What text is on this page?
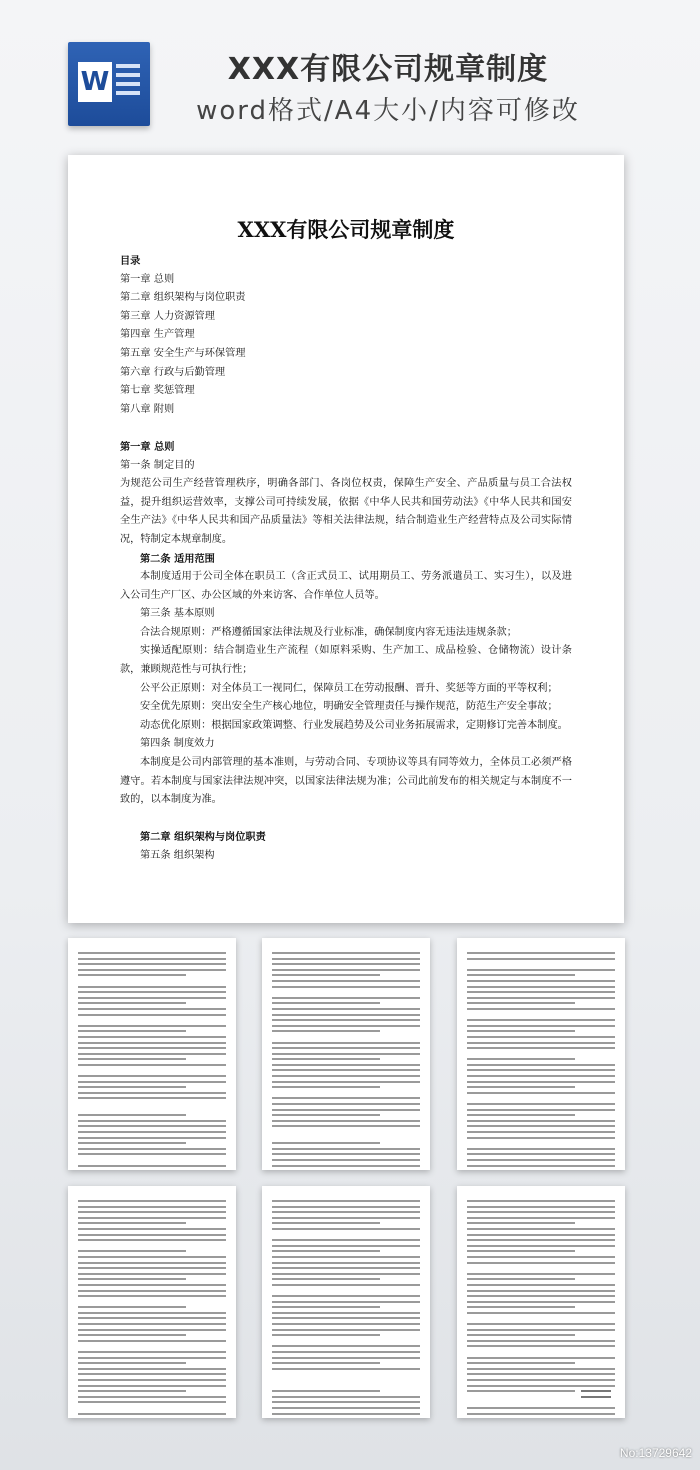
W	XXX有限公司规章制度
word格式/A4大小/内容可修改
XXX有限公司规章制度
目录
第一章 总则
第二章 组织架构与岗位职责
第三章 人力资源管理
第四章 生产管理
第五章 安全生产与环保管理
第六章 行政与后勤管理
第七章 奖惩管理
第八章 附则
第一章 总则
第一条 制定目的
为规范公司生产经营管理秩序，明确各部门、各岗位权责，保障生产安全、产品质量与员工合法权益，提升组织运营效率，支撑公司可持续发展，依据《中华人民共和国劳动法》《中华人民共和国安全生产法》《中华人民共和国产品质量法》等相关法律法规，结合制造业生产经营特点及公司实际情况，特制定本规章制度。
第二条 适用范围
本制度适用于公司全体在职员工（含正式员工、试用期员工、劳务派遣员工、实习生），以及进入公司生产厂区、办公区域的外来访客、合作单位人员等。
第三条 基本原则
合法合规原则：严格遵循国家法律法规及行业标准，确保制度内容无违法违规条款；
实操适配原则：结合制造业生产流程（如原料采购、生产加工、成品检验、仓储物流）设计条款，兼顾规范性与可执行性；
公平公正原则：对全体员工一视同仁，保障员工在劳动报酬、晋升、奖惩等方面的平等权利；
安全优先原则：突出安全生产核心地位，明确安全管理责任与操作规范，防范生产安全事故；
动态优化原则：根据国家政策调整、行业发展趋势及公司业务拓展需求，定期修订完善本制度。
第四条 制度效力
本制度是公司内部管理的基本准则，与劳动合同、专项协议等具有同等效力，全体员工必须严格遵守。若本制度与国家法律法规冲突，以国家法律法规为准；公司此前发布的相关规定与本制度不一致的，以本制度为准。
第二章 组织架构与岗位职责
第五条 组织架构
No:13729642
